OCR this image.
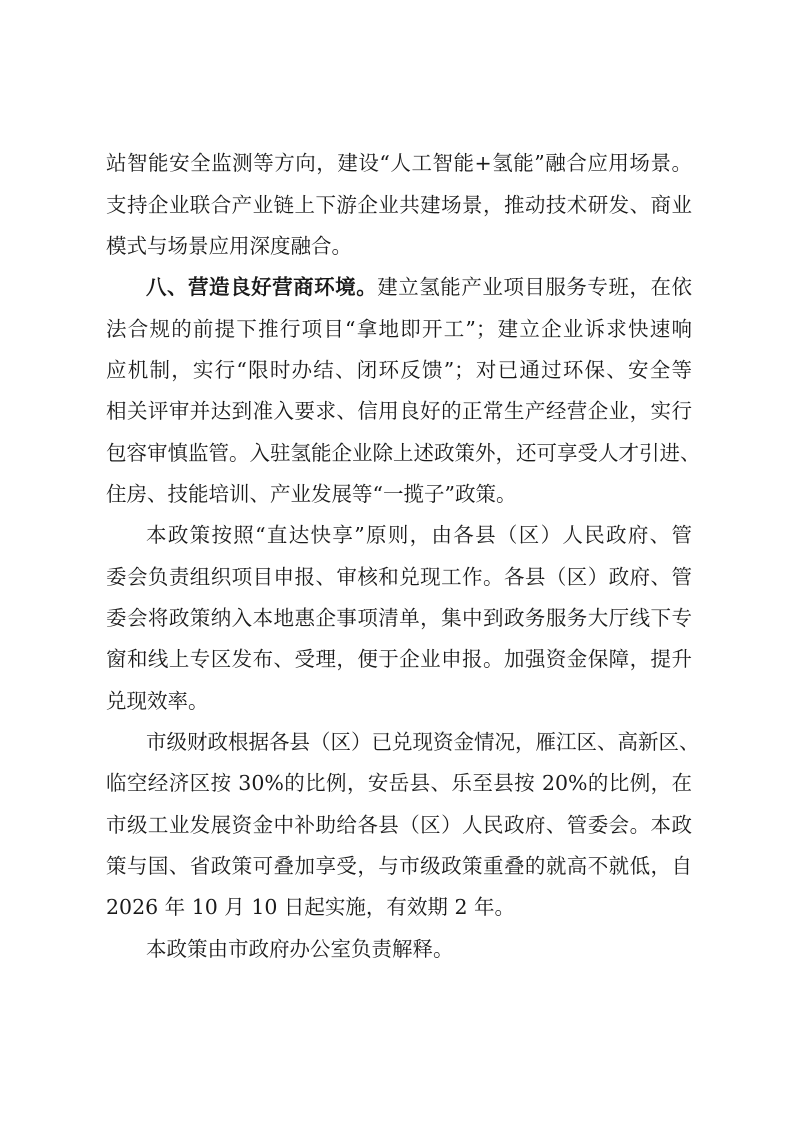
站智能安全监测等方向，建设“人工智能+氢能”融合应用场景。
支持企业联合产业链上下游企业共建场景，推动技术研发、商业
模式与场景应用深度融合。
八、营造良好营商环境。建立氢能产业项目服务专班，在依
法合规的前提下推行项目“拿地即开工”；建立企业诉求快速响
应机制，实行“限时办结、闭环反馈”；对已通过环保、安全等
相关评审并达到准入要求、信用良好的正常生产经营企业，实行
包容审慎监管。入驻氢能企业除上述政策外，还可享受人才引进、
住房、技能培训、产业发展等“一揽子”政策。
本政策按照“直达快享”原则，由各县（区）人民政府、管
委会负责组织项目申报、审核和兑现工作。各县（区）政府、管
委会将政策纳入本地惠企事项清单，集中到政务服务大厅线下专
窗和线上专区发布、受理，便于企业申报。加强资金保障，提升
兑现效率。
市级财政根据各县（区）已兑现资金情况，雁江区、高新区、
临空经济区按 30%的比例，安岳县、乐至县按 20%的比例，在
市级工业发展资金中补助给各县（区）人民政府、管委会。本政
策与国、省政策可叠加享受，与市级政策重叠的就高不就低，自
2026 年 10 月 10 日起实施，有效期 2 年。
本政策由市政府办公室负责解释。
